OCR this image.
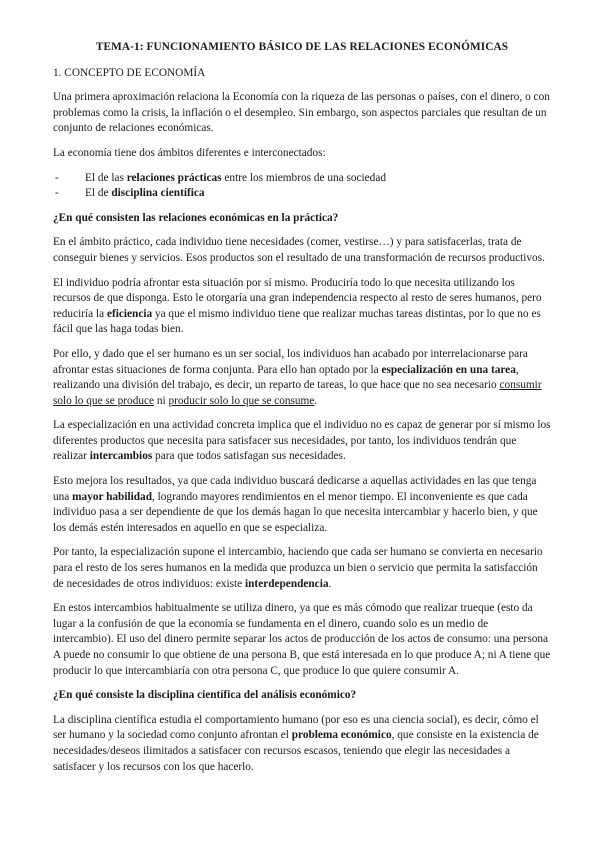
TEMA-1: FUNCIONAMIENTO BÁSICO DE LAS RELACIONES ECONÓMICAS
1. CONCEPTO DE ECONOMÍA

Una primera aproximación relaciona la Economía con la riqueza de las personas o países, con el dinero, o con problemas como la crisis, la inflación o el desempleo. Sin embargo, son aspectos parciales que resultan de un conjunto de relaciones económicas.

La economía tiene dos ámbitos diferentes e interconectados:

-	El de las relaciones prácticas entre los miembros de una sociedad
-	El de disciplina científica
¿En qué consisten las relaciones económicas en la práctica?

En el ámbito práctico, cada individuo tiene necesidades (comer, vestirse…) y para satisfacerlas, trata de conseguir bienes y servicios. Esos productos son el resultado de una transformación de recursos productivos.

El individuo podría afrontar esta situación por sí mismo. Produciría todo lo que necesita utilizando los recursos de que disponga. Esto le otorgaría una gran independencia respecto al resto de seres humanos, pero reduciría la eficiencia ya que el mismo individuo tiene que realizar muchas tareas distintas, por lo que no es fácil que las haga todas bien.

Por ello, y dado que el ser humano es un ser social, los individuos han acabado por interrelacionarse para afrontar estas situaciones de forma conjunta. Para ello han optado por la especialización en una tarea, realizando una división del trabajo, es decir, un reparto de tareas, lo que hace que no sea necesario consumir solo lo que se produce ni producir solo lo que se consume.

La especialización en una actividad concreta implica que el individuo no es capaz de generar por sí mismo los diferentes productos que necesita para satisfacer sus necesidades, por tanto, los individuos tendrán que realizar intercambios para que todos satisfagan sus necesidades.

Esto mejora los resultados, ya que cada individuo buscará dedicarse a aquellas actividades en las que tenga una mayor habilidad, logrando mayores rendimientos en el menor tiempo. El inconveniente es que cada individuo pasa a ser dependiente de que los demás hagan lo que necesita intercambiar y hacerlo bien, y que los demás estén interesados en aquello en que se especializa.

Por tanto, la especialización supone el intercambio, haciendo que cada ser humano se convierta en necesario para el resto de los seres humanos en la medida que produzca un bien o servicio que permita la satisfacción de necesidades de otros individuos: existe interdependencia.

En estos intercambios habitualmente se utiliza dinero, ya que es más cómodo que realizar trueque (esto da lugar a la confusión de que la economía se fundamenta en el dinero, cuando solo es un medio de intercambio). El uso del dinero permite separar los actos de producción de los actos de consumo: una persona A puede no consumir lo que obtiene de una persona B, que está interesada en lo que produce A; ni A tiene que producir lo que intercambiaría con otra persona C, que produce lo que quiere consumir A.

¿En qué consiste la disciplina científica del análisis económico?

La disciplina científica estudia el comportamiento humano (por eso es una ciencia social), es decir, cómo el ser humano y la sociedad como conjunto afrontan el problema económico, que consiste en la existencia de necesidades/deseos ilimitados a satisfacer con recursos escasos, teniendo que elegir las necesidades a satisfacer y los recursos con los que hacerlo.
